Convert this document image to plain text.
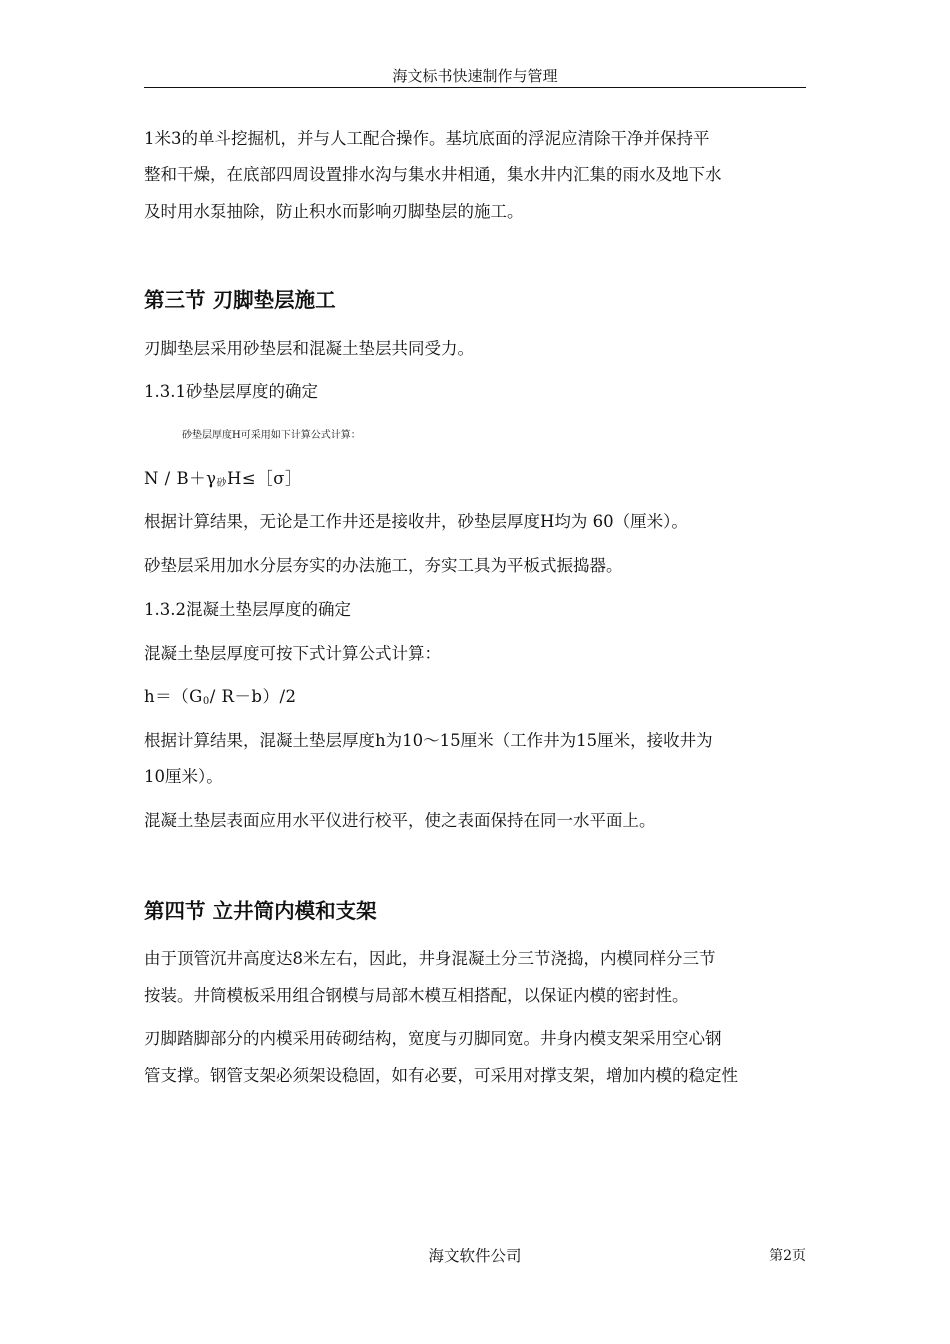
海文标书快速制作与管理
1米3的单斗挖掘机，并与人工配合操作。基坑底面的浮泥应清除干净并保持平
整和干燥，在底部四周设置排水沟与集水井相通，集水井内汇集的雨水及地下水
及时用水泵抽除，防止积水而影响刃脚垫层的施工。
第三节 刃脚垫层施工
刃脚垫层采用砂垫层和混凝土垫层共同受力。
1.3.1砂垫层厚度的确定
砂垫层厚度H可采用如下计算公式计算：
$N / B+\gamma_砂H\le[\sigma]$
根据计算结果，无论是工作井还是接收井，砂垫层厚度H均为 60（厘米）。
砂垫层采用加水分层夯实的办法施工，夯实工具为平板式振捣器。
1.3.2混凝土垫层厚度的确定
混凝土垫层厚度可按下式计算公式计算：
$h=(G_0/$ R－b）/2
根据计算结果，混凝土垫层厚度h为10～15厘米（工作井为15厘米，接收井为
10厘米）。
混凝土垫层表面应用水平仪进行校平，使之表面保持在同一水平面上。
第四节 立井筒内模和支架
由于顶管沉井高度达8米左右，因此，井身混凝土分三节浇捣，内模同样分三节
按装。井筒模板采用组合钢模与局部木模互相搭配，以保证内模的密封性。
刃脚踏脚部分的内模采用砖砌结构，宽度与刃脚同宽。井身内模支架采用空心钢
管支撑。钢管支架必须架设稳固，如有必要，可采用对撑支架，增加内模的稳定性
海文软件公司	第2页
